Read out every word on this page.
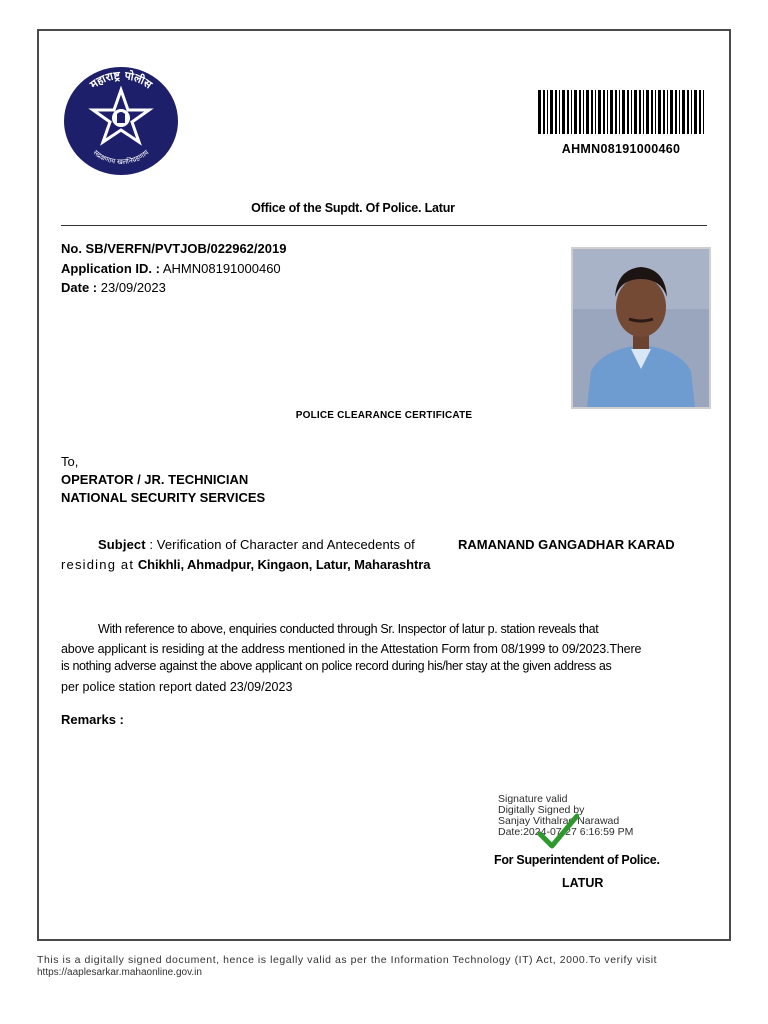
महाराष्ट्र पोलीस
सद्रक्षणाय खलनिग्रहणाय	AHMN08191000460
Office of the Supdt. Of Police. Latur
No. SB/VERFN/PVTJOB/022962/2019
Application ID. : AHMN08191000460
Date : 23/09/2023
POLICE CLEARANCE CERTIFICATE
To,
OPERATOR / JR. TECHNICIAN
NATIONAL SECURITY SERVICES
Subject : Verification of Character and Antecedents of	RAMANAND GANGADHAR KARAD
residing at Chikhli, Ahmadpur, Kingaon, Latur, Maharashtra
With reference to above, enquiries conducted through Sr. Inspector of latur p. station reveals that
above applicant is residing at the address mentioned in the Attestation Form from 08/1999 to 09/2023.There
is nothing adverse against the above applicant on police record during his/her stay at the given address as
per police station report dated 23/09/2023
Remarks :
Signature valid
Digitally Signed by
Sanjay Vithalrao Narawad
Date:2024-07-27 6:16:59 PM
For Superintendent of Police.
LATUR
This is a digitally signed document, hence is legally valid as per the Information Technology (IT) Act, 2000.To verify visit
https://aaplesarkar.mahaonline.gov.in
